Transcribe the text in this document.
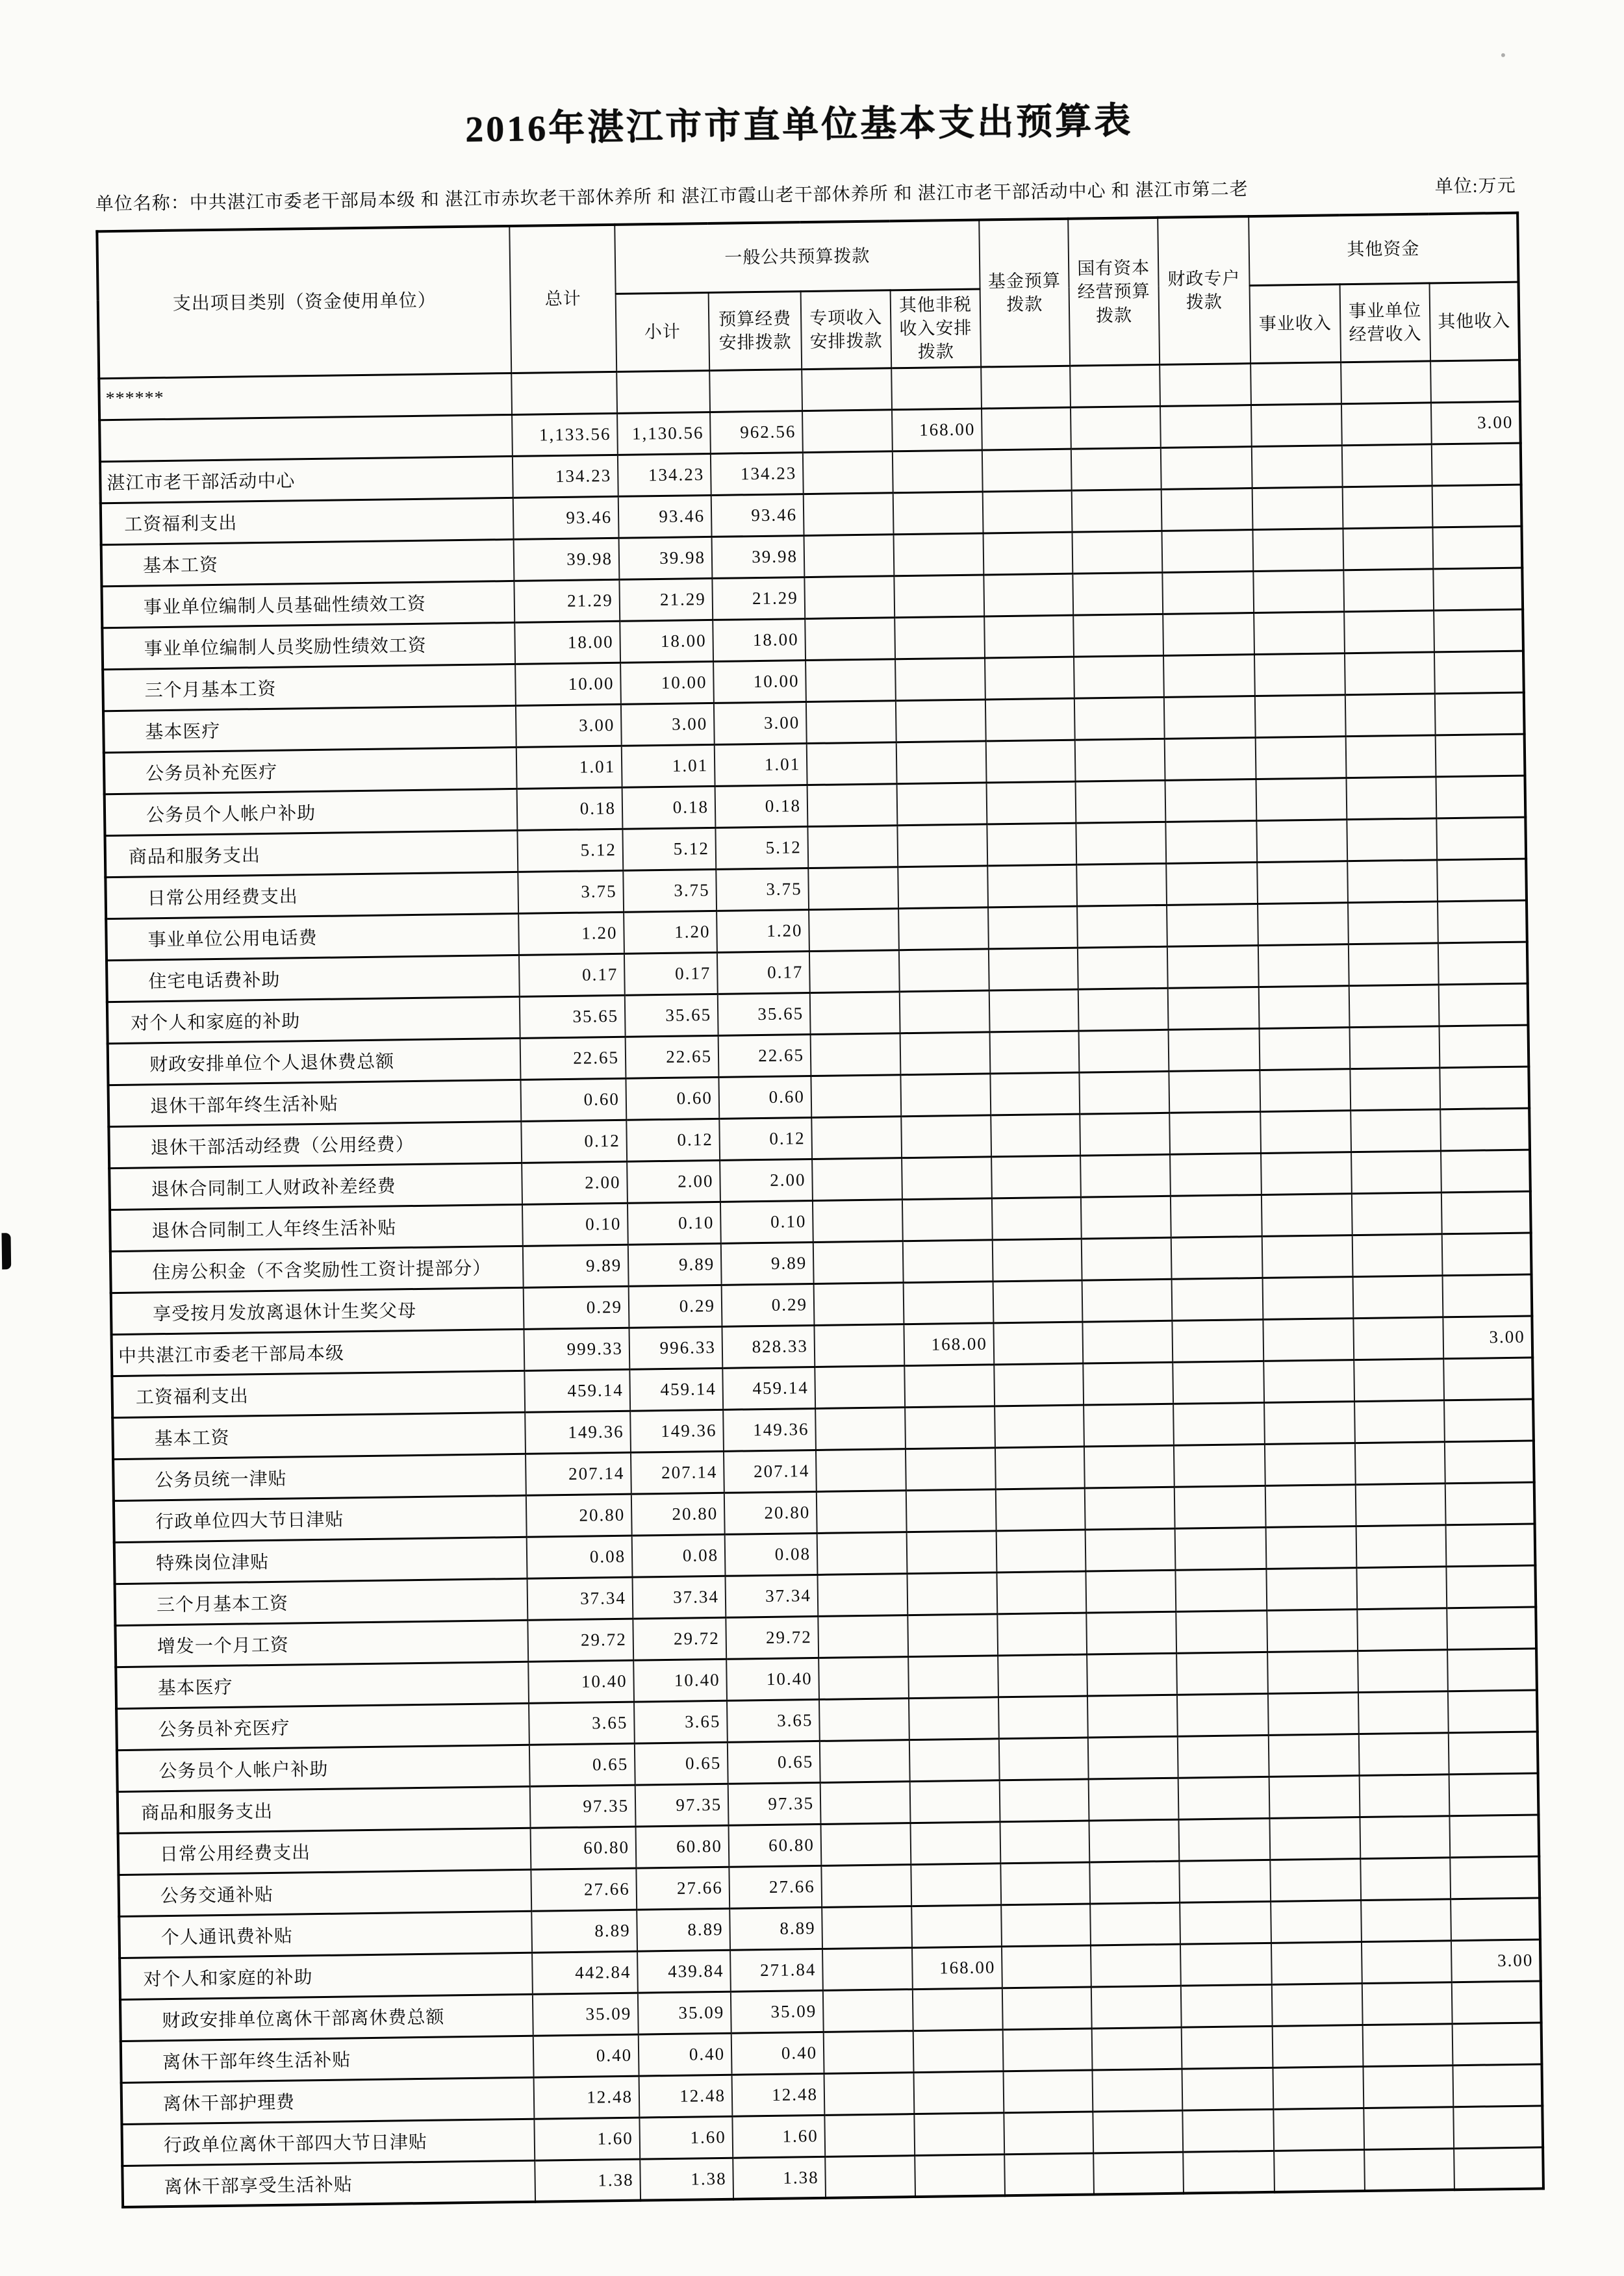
2016年湛江市市直单位基本支出预算表
单位名称：中共湛江市委老干部局本级 和 湛江市赤坎老干部休养所 和 湛江市霞山老干部休养所 和 湛江市老干部活动中心 和 湛江市第二老	单位:万元
支出项目类别（资金使用单位）	总计	一般公共预算拨款				基金预算拨款	国有资本经营预算拨款	财政专户拨款	其他资金		
		小计	预算经费安排拨款	专项收入安排拨款	其他非税收入安排拨款				事业收入	事业单位经营收入	其他收入
******											
	1,133.56	1,130.56	962.56		168.00						3.00
湛江市老干部活动中心	134.23	134.23	134.23								
工资福利支出	93.46	93.46	93.46								
基本工资	39.98	39.98	39.98								
事业单位编制人员基础性绩效工资	21.29	21.29	21.29								
事业单位编制人员奖励性绩效工资	18.00	18.00	18.00								
三个月基本工资	10.00	10.00	10.00								
基本医疗	3.00	3.00	3.00								
公务员补充医疗	1.01	1.01	1.01								
公务员个人帐户补助	0.18	0.18	0.18								
商品和服务支出	5.12	5.12	5.12								
日常公用经费支出	3.75	3.75	3.75								
事业单位公用电话费	1.20	1.20	1.20								
住宅电话费补助	0.17	0.17	0.17								
对个人和家庭的补助	35.65	35.65	35.65								
财政安排单位个人退休费总额	22.65	22.65	22.65								
退休干部年终生活补贴	0.60	0.60	0.60								
退休干部活动经费（公用经费）	0.12	0.12	0.12								
退休合同制工人财政补差经费	2.00	2.00	2.00								
退休合同制工人年终生活补贴	0.10	0.10	0.10								
住房公积金（不含奖励性工资计提部分）	9.89	9.89	9.89								
享受按月发放离退休计生奖父母	0.29	0.29	0.29								
中共湛江市委老干部局本级	999.33	996.33	828.33		168.00						3.00
工资福利支出	459.14	459.14	459.14								
基本工资	149.36	149.36	149.36								
公务员统一津贴	207.14	207.14	207.14								
行政单位四大节日津贴	20.80	20.80	20.80								
特殊岗位津贴	0.08	0.08	0.08								
三个月基本工资	37.34	37.34	37.34								
增发一个月工资	29.72	29.72	29.72								
基本医疗	10.40	10.40	10.40								
公务员补充医疗	3.65	3.65	3.65								
公务员个人帐户补助	0.65	0.65	0.65								
商品和服务支出	97.35	97.35	97.35								
日常公用经费支出	60.80	60.80	60.80								
公务交通补贴	27.66	27.66	27.66								
个人通讯费补贴	8.89	8.89	8.89								
对个人和家庭的补助	442.84	439.84	271.84		168.00						3.00
财政安排单位离休干部离休费总额	35.09	35.09	35.09								
离休干部年终生活补贴	0.40	0.40	0.40								
离休干部护理费	12.48	12.48	12.48								
行政单位离休干部四大节日津贴	1.60	1.60	1.60								
离休干部享受生活补贴	1.38	1.38	1.38								
